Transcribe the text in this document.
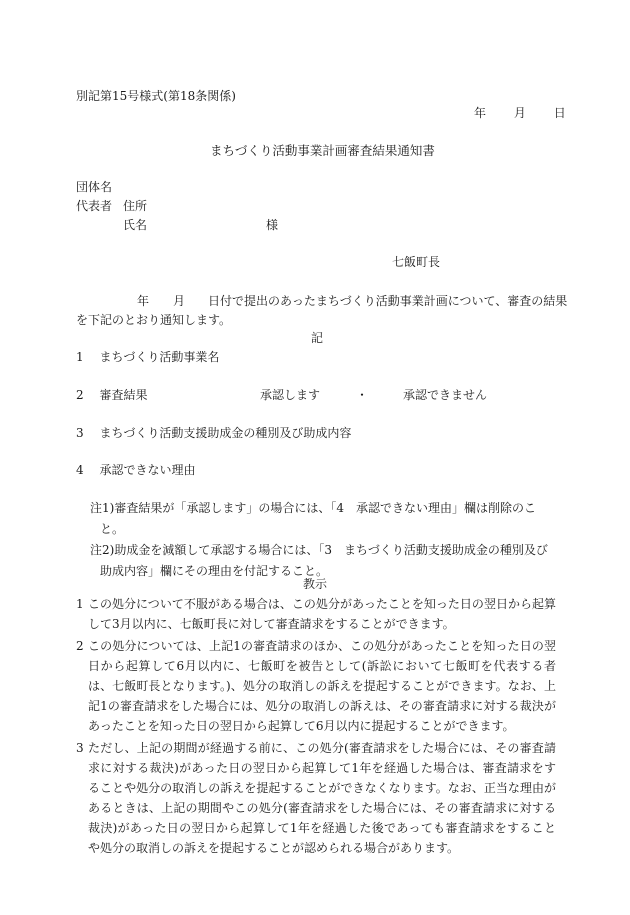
別記第15号様式(第18条関係)
年 月 日
まちづくり活動事業計画審査結果通知書
団体名
代表者 住所
氏名	様
七飯町長
年 月 日付で提出のあったまちづくり活動事業計画について、審査の結果
を下記のとおり通知します。
記
1 まちづくり活動事業名
2 審査結果	承認します	・	承認できません
3 まちづくり活動支援助成金の種別及び助成内容
4 承認できない理由
注1)審査結果が「承認します」の場合には、「4　承認できない理由」欄は削除のこと。
注2)助成金を減額して承認する場合には、「3　まちづくり活動支援助成金の種別及び助成内容」欄にその理由を付記すること。
教示
1 この処分について不服がある場合は、この処分があったことを知った日の翌日から起算して3月以内に、七飯町長に対して審査請求をすることができます。
2 この処分については、上記1の審査請求のほか、この処分があったことを知った日の翌日から起算して6月以内に、七飯町を被告として(訴訟において七飯町を代表する者は、七飯町長となります。)、処分の取消しの訴えを提起することができます。なお、上記1の審査請求をした場合には、処分の取消しの訴えは、その審査請求に対する裁決があったことを知った日の翌日から起算して6月以内に提起することができます。
3 ただし、上記の期間が経過する前に、この処分(審査請求をした場合には、その審査請求に対する裁決)があった日の翌日から起算して1年を経過した場合は、審査請求をすることや処分の取消しの訴えを提起することができなくなります。なお、正当な理由があるときは、上記の期間やこの処分(審査請求をした場合には、その審査請求に対する裁決)があった日の翌日から起算して1年を経過した後であっても審査請求をすることや処分の取消しの訴えを提起することが認められる場合があります。
